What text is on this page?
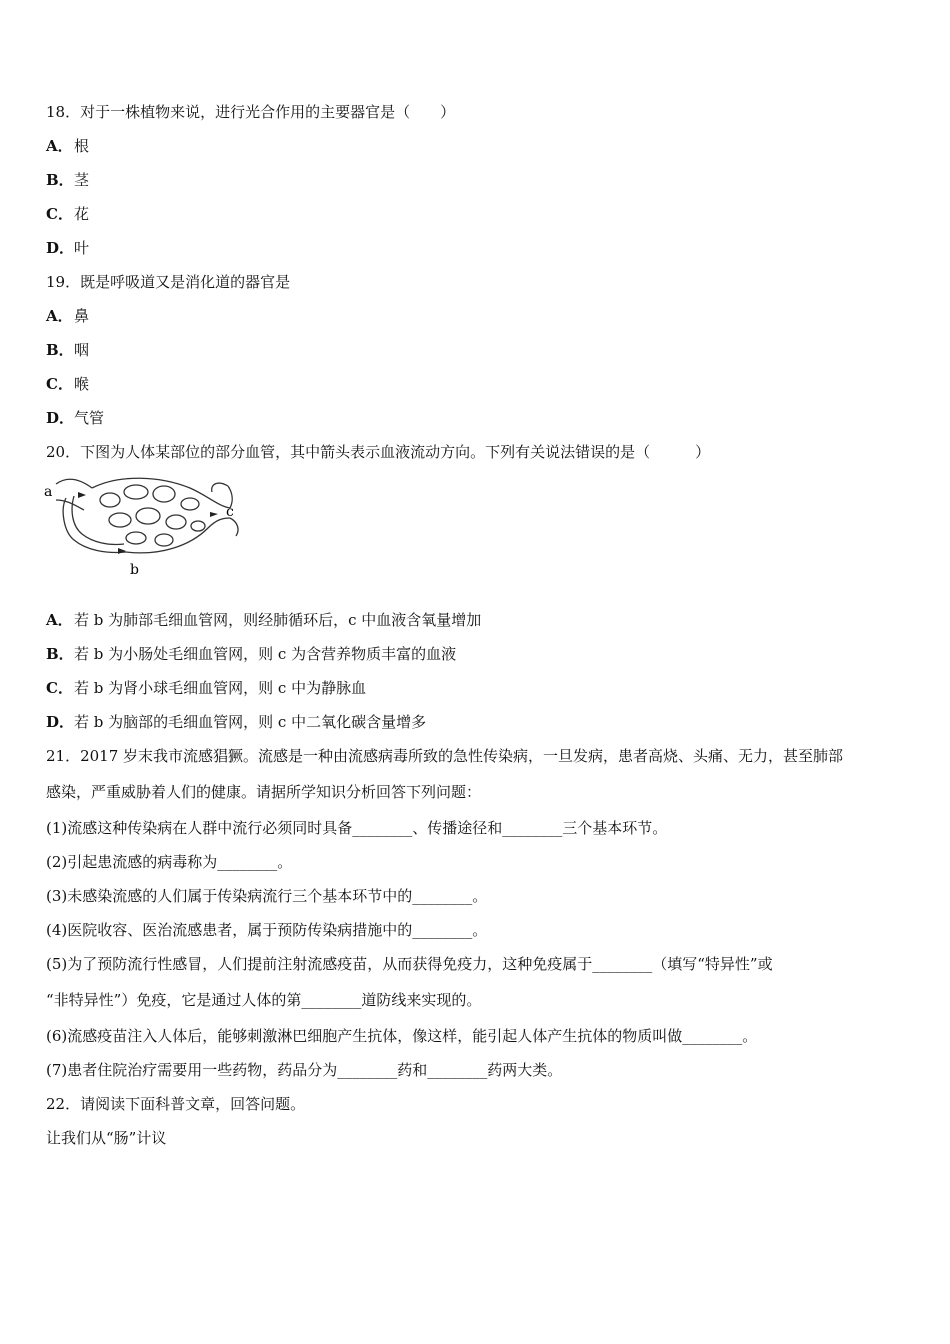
18．对于一株植物来说，进行光合作用的主要器官是（　　）
A．根
B．茎
C．花
D．叶
19．既是呼吸道又是消化道的器官是
A．鼻
B．咽
C．喉
D．气管
20．下图为人体某部位的部分血管，其中箭头表示血液流动方向。下列有关说法错误的是（　　　）
a
b
c
A．若 b 为肺部毛细血管网，则经肺循环后，c 中血液含氧量增加
B．若 b 为小肠处毛细血管网，则 c 为含营养物质丰富的血液
C．若 b 为肾小球毛细血管网，则 c 中为静脉血
D．若 b 为脑部的毛细血管网，则 c 中二氧化碳含量增多
21．2017 岁末我市流感猖獗。流感是一种由流感病毒所致的急性传染病，一旦发病，患者高烧、头痛、无力，甚至肺部
感染，严重威胁着人们的健康。请据所学知识分析回答下列问题：
(1)流感这种传染病在人群中流行必须同时具备________、传播途径和________三个基本环节。
(2)引起患流感的病毒称为________。
(3)未感染流感的人们属于传染病流行三个基本环节中的________。
(4)医院收容、医治流感患者，属于预防传染病措施中的________。
(5)为了预防流行性感冒，人们提前注射流感疫苗，从而获得免疫力，这种免疫属于________（填写“特异性”或
“非特异性”）免疫，它是通过人体的第________道防线来实现的。
(6)流感疫苗注入人体后，能够刺激淋巴细胞产生抗体，像这样，能引起人体产生抗体的物质叫做________。
(7)患者住院治疗需要用一些药物，药品分为________药和________药两大类。
22．请阅读下面科普文章，回答问题。
让我们从“肠”计议
